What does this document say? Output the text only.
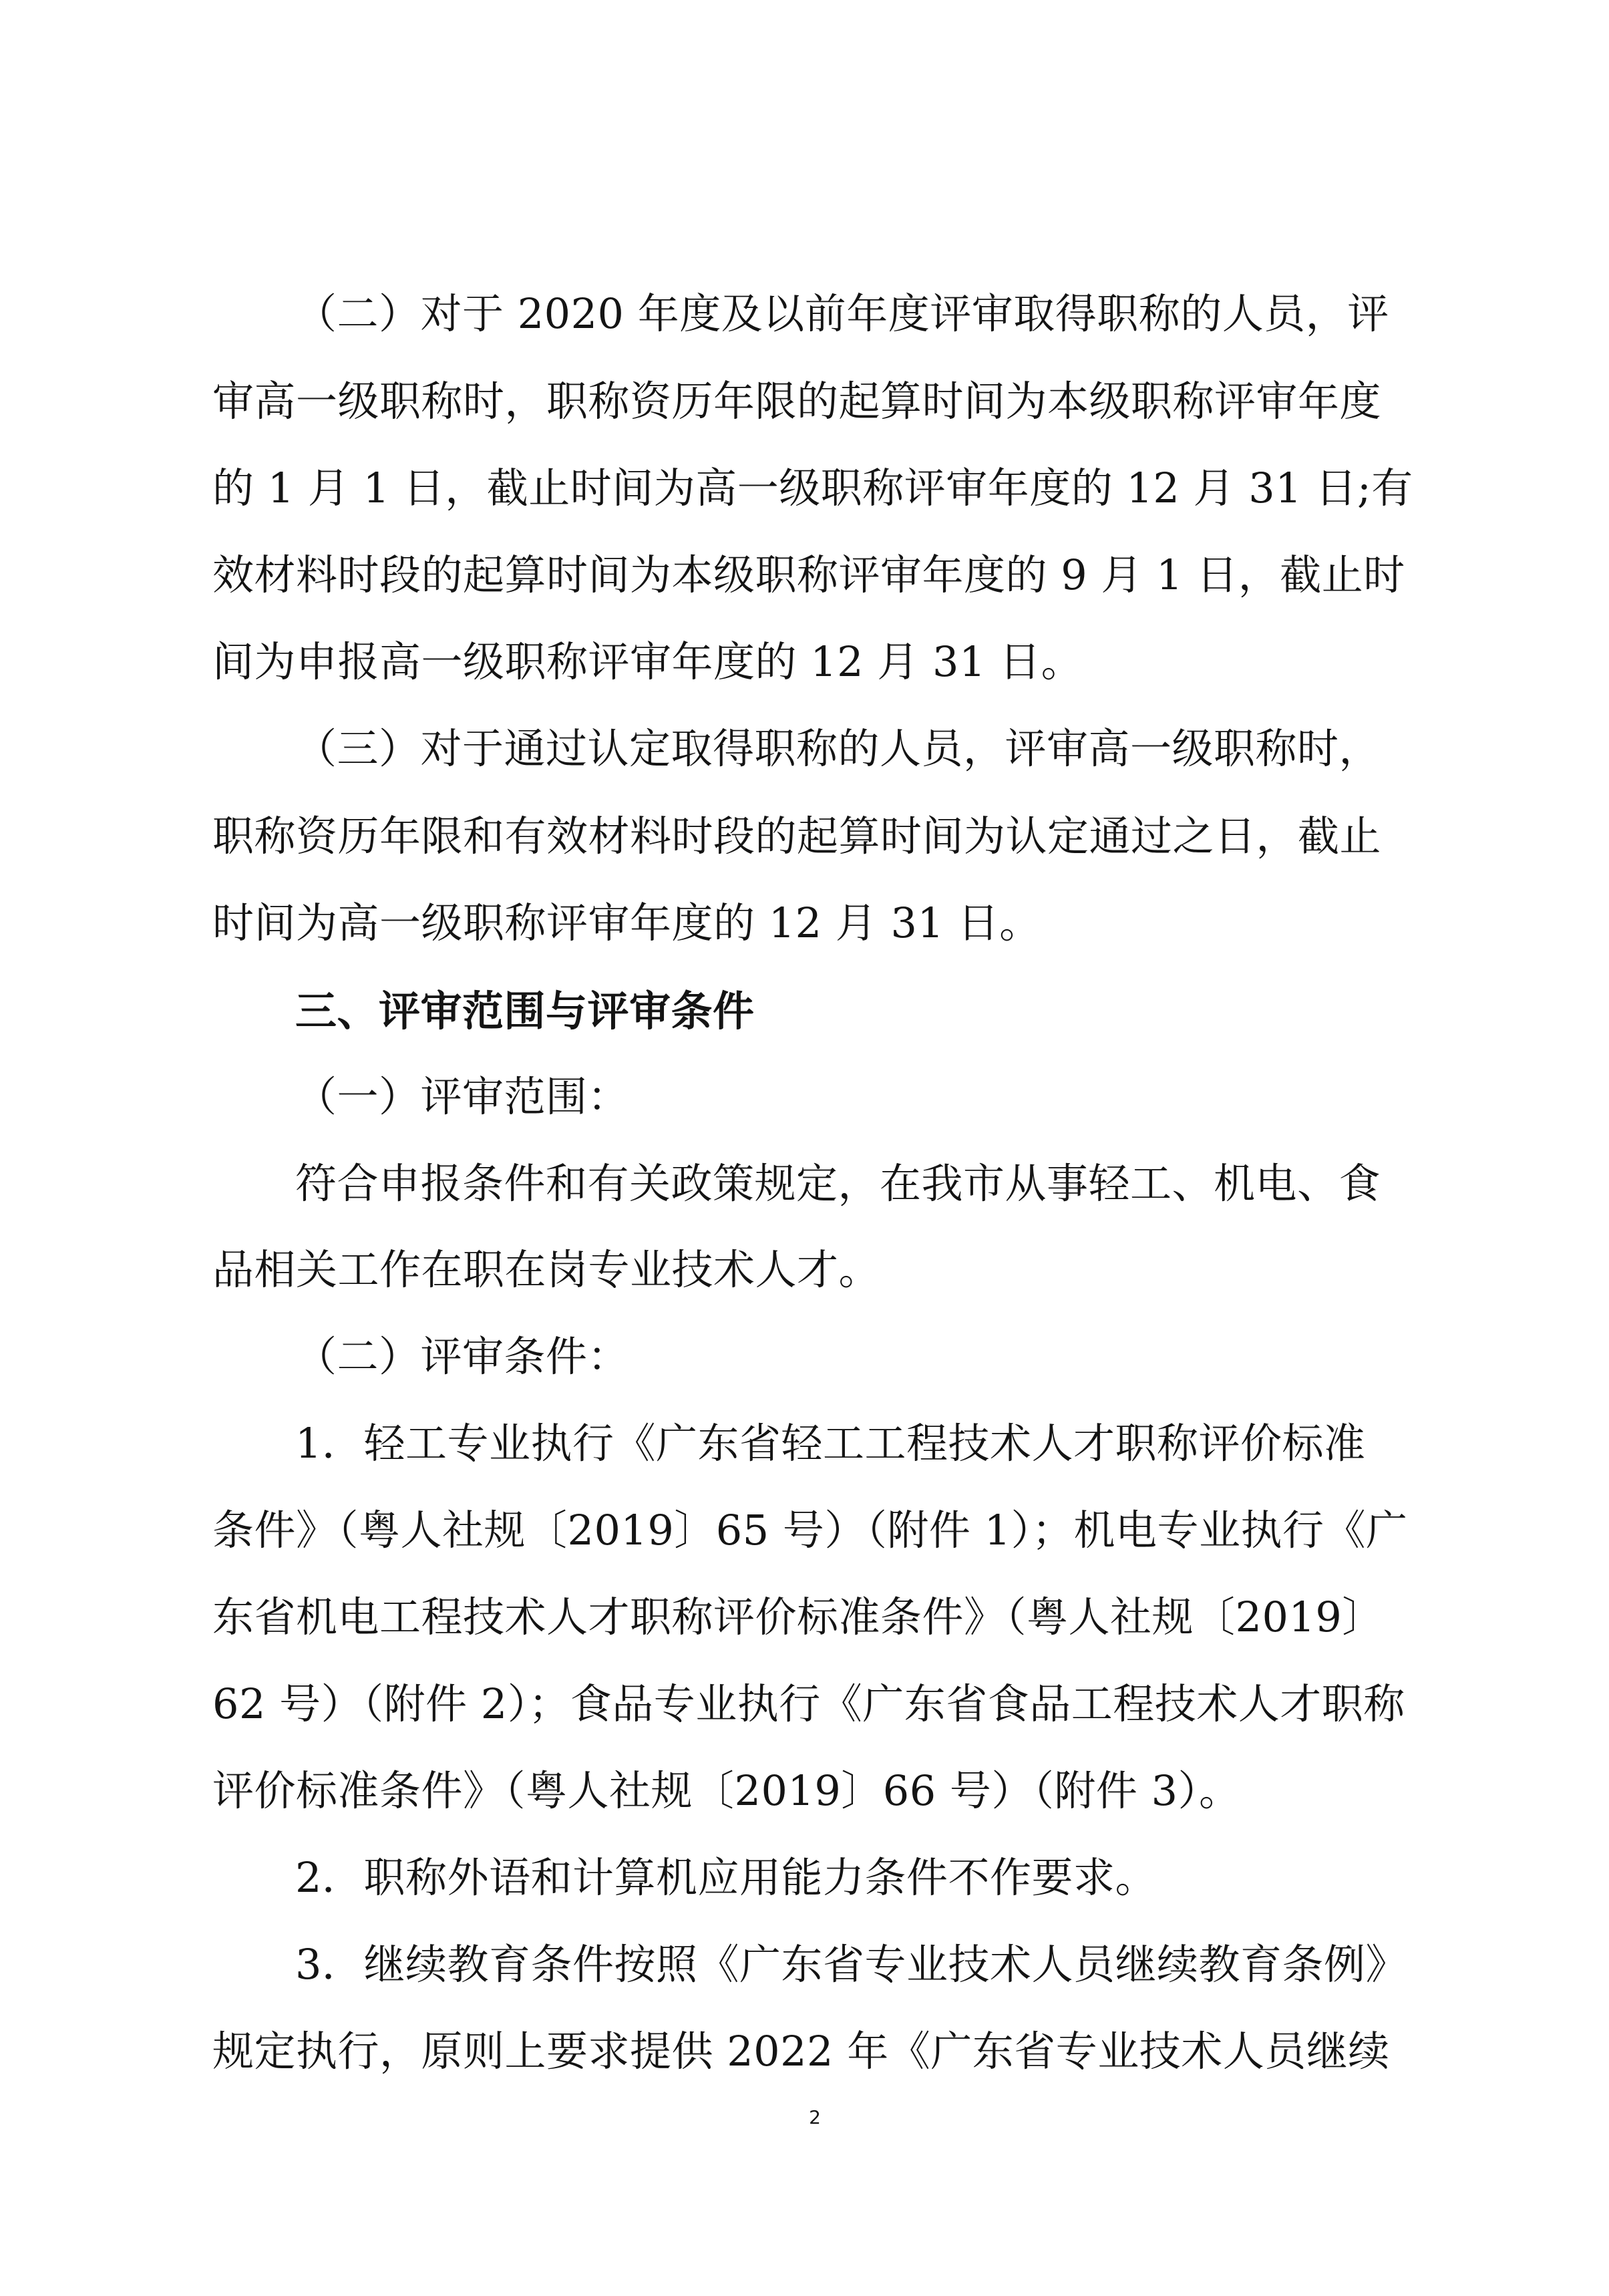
（二）对于 2020 年度及以前年度评审取得职称的人员，评
审高一级职称时，职称资历年限的起算时间为本级职称评审年度
的 1 月 1 日，截止时间为高一级职称评审年度的 12 月 31 日;有
效材料时段的起算时间为本级职称评审年度的 9 月 1 日，截止时
间为申报高一级职称评审年度的 12 月 31 日。
（三）对于通过认定取得职称的人员，评审高一级职称时，
职称资历年限和有效材料时段的起算时间为认定通过之日，截止
时间为高一级职称评审年度的 12 月 31 日。
三、评审范围与评审条件
（一）评审范围：
符合申报条件和有关政策规定，在我市从事轻工、机电、食
品相关工作在职在岗专业技术人才。
（二）评审条件：
1．轻工专业执行《广东省轻工工程技术人才职称评价标准
条件》（粤人社规〔2019〕65 号）（附件 1）；机电专业执行《广
东省机电工程技术人才职称评价标准条件》（粤人社规〔2019〕
62 号）（附件 2）；食品专业执行《广东省食品工程技术人才职称
评价标准条件》（粤人社规〔2019〕66 号）（附件 3）。
2．职称外语和计算机应用能力条件不作要求。
3．继续教育条件按照《广东省专业技术人员继续教育条例》
规定执行，原则上要求提供 2022 年《广东省专业技术人员继续
2
